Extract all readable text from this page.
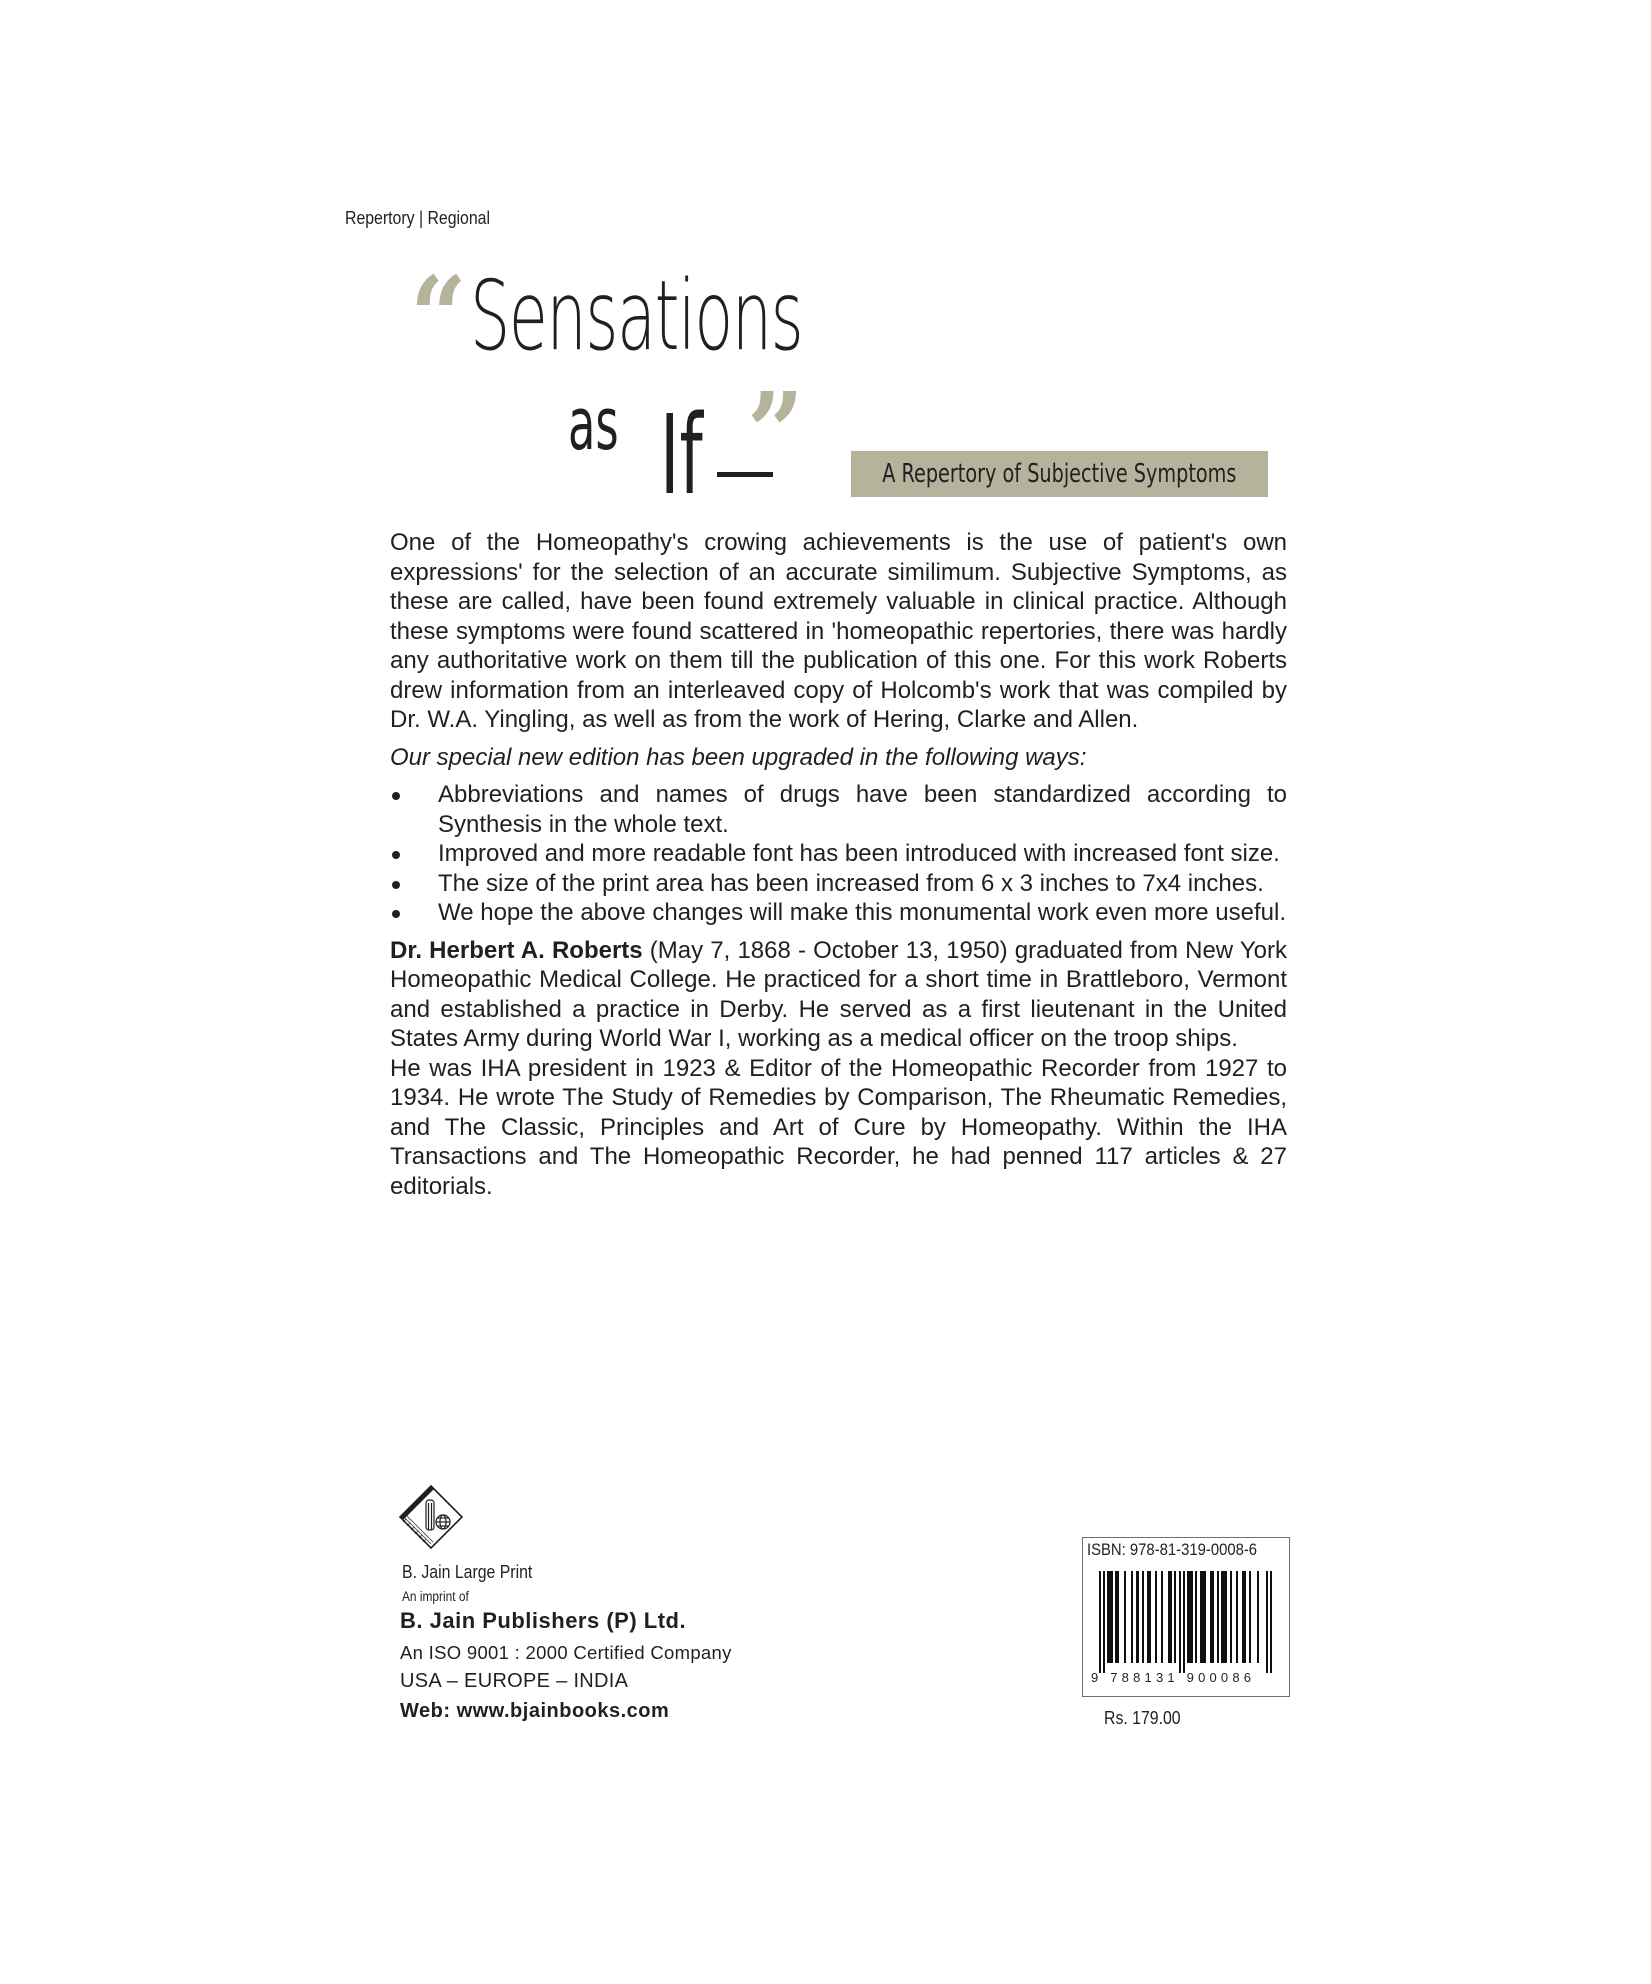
Repertory | Regional
“ Sensations
as If ”	A Repertory of Subjective Symptoms

One of the Homeopathy's crowing achievements is the use of patient's own expressions' for the selection of an accurate similimum. Subjective Symptoms, as these are called, have been found extremely valuable in clinical practice. Although these symptoms were found scattered in 'homeopathic repertories, there was hardly any authoritative work on them till the publication of this one. For this work Roberts drew information from an interleaved copy of Holcomb's work that was compiled by Dr. W.A. Yingling, as well as from the work of Hering, Clarke and Allen.

Our special new edition has been upgraded in the following ways:

Abbreviations and names of drugs have been standardized according to Synthesis in the whole text.
Improved and more readable font has been introduced with increased font size.
The size of the print area has been increased from 6 x 3 inches to 7x4 inches.
We hope the above changes will make this monumental work even more useful.

Dr. Herbert A. Roberts (May 7, 1868 - October 13, 1950) graduated from New York Homeopathic Medical College. He practiced for a short time in Brattleboro, Vermont and established a practice in Derby. He served as a first lieutenant in the United States Army during World War I, working as a medical officer on the troop ships.

He was IHA president in 1923 & Editor of the Homeopathic Recorder from 1927 to 1934. He wrote The Study of Remedies by Comparison, The Rheumatic Remedies, and The Classic, Principles and Art of Cure by Homeopathy. Within the IHA Transactions and The Homeopathic Recorder, he had penned 117 articles & 27 editorials.

B. Jain Large Print
An imprint of
B. Jain Publishers (P) Ltd.
An ISO 9001 : 2000 Certified Company
USA – EUROPE – INDIA
Web: www.bjainbooks.com
ISBN: 978-81-319-0008-6
9 788131 900086
Rs. 179.00
